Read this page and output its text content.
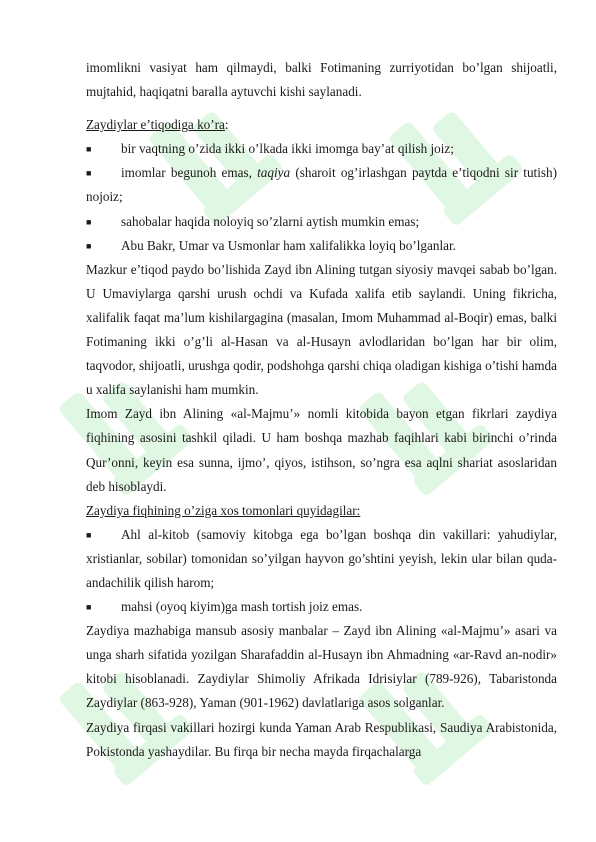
imomlikni vasiyat ham qilmaydi, balki Fotimaning zurriyotidan bo’lgan shijoatli, mujtahid, haqiqatni baralla aytuvchi kishi saylanadi.

Zaydiylar e’tiqodiga ko’ra:

■ bir vaqtning o’zida ikki o’lkada ikki imomga bay’at qilish joiz;

■ imomlar begunoh emas, taqiya (sharoit og’irlashgan paytda e’tiqodni sir tutish) nojoiz;

■ sahobalar haqida noloyiq so’zlarni aytish mumkin emas;

■ Abu Bakr, Umar va Usmonlar ham xalifalikka loyiq bo’lganlar.

Mazkur e’tiqod paydo bo’lishida Zayd ibn Alining tutgan siyosiy mavqei sabab bo’lgan. U Umaviylarga qarshi urush ochdi va Kufada xalifa etib saylandi. Uning fikricha, xalifalik faqat ma’lum kishilargagina (masalan, Imom Muhammad al-Boqir) emas, balki Fotimaning ikki o’g’li al-Hasan va al-Husayn avlodlaridan bo’lgan har bir olim, taqvodor, shijoatli, urushga qodir, podshohga qarshi chiqa oladigan kishiga o’tishi hamda u xalifa saylanishi ham mumkin.

Imom Zayd ibn Alining «al-Majmu’» nomli kitobida bayon etgan fikrlari zaydiya fiqhining asosini tashkil qiladi. U ham boshqa mazhab faqihlari kabi birinchi o’rinda Qur’onni, keyin esa sunna, ijmo’, qiyos, istihson, so’ngra esa aqlni shariat asoslaridan deb hisoblaydi.

Zaydiya fiqhining o’ziga xos tomonlari quyidagilar:

■ Ahl al-kitob (samoviy kitobga ega bo’lgan boshqa din vakillari: yahudiylar, xristianlar, sobilar) tomonidan so’yilgan hayvon go’shtini yeyish, lekin ular bilan quda-andachilik qilish harom;

■ mahsi (oyoq kiyim)ga mash tortish joiz emas.

Zaydiya mazhabiga mansub asosiy manbalar – Zayd ibn Alining «al-Majmu’» asari va unga sharh sifatida yozilgan Sharafaddin al-Husayn ibn Ahmadning «ar-Ravd an-nodir» kitobi hisoblanadi. Zaydiylar Shimoliy Afrikada Idrisiylar (789-926), Tabaristonda Zaydiylar (863-928), Yaman (901-1962) davlatlariga asos solganlar.

Zaydiya firqasi vakillari hozirgi kunda Yaman Arab Respublikasi, Saudiya Arabistonida, Pokistonda yashaydilar. Bu firqa bir necha mayda firqachalarga
